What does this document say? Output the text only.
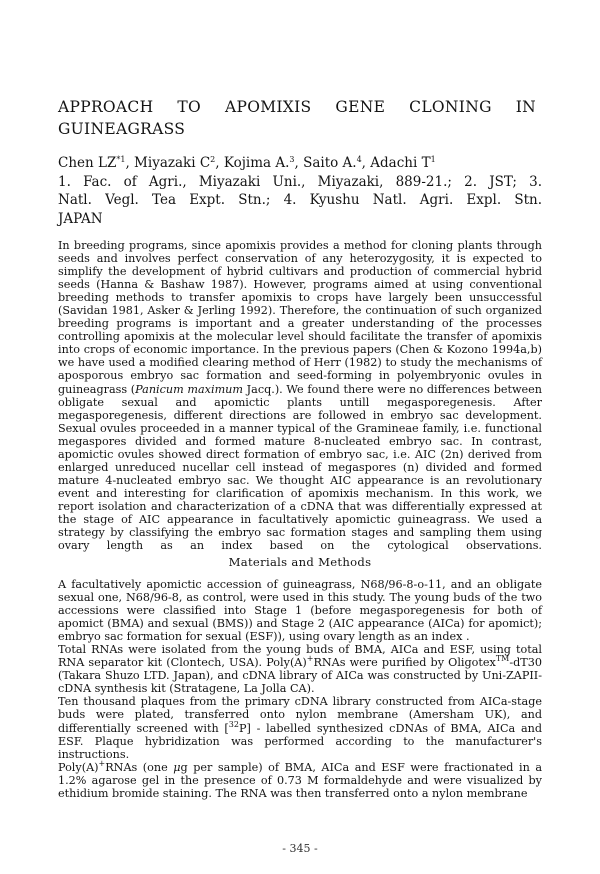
APPROACH TO APOMIXIS GENE CLONING IN
GUINEAGRASS
Chen LZ$^{*1}$, Miyazaki $C^2$, Kojima A.$^3$, Saito A.$^4$, Adachi $T^1$
1. Fac. of Agri., Miyazaki Uni., Miyazaki, 889-21.; 2. JST; 3.
Natl. Vegl. Tea Expt. Stn.; 4. Kyushu Natl. Agri. Expl. Stn.
JAPAN

In breeding programs, since apomixis provides a method for cloning plants through seeds and involves perfect conservation of any heterozygosity, it is expected to simplify the development of hybrid cultivars and production of commercial hybrid seeds (Hanna & Bashaw 1987). However, programs aimed at using conventional breeding methods to transfer apomixis to crops have largely been unsuccessful (Savidan 1981, Asker & Jerling 1992). Therefore, the continuation of such organized breeding programs is important and a greater understanding of the processes controlling apomixis at the molecular level should facilitate the transfer of apomixis into crops of economic importance. In the previous papers (Chen & Kozono 1994a,b) we have used a modified clearing method of Herr (1982) to study the mechanisms of aposporous embryo sac formation and seed-forming in polyembryonic ovules in guineagrass (Panicum maximum Jacq.). We found there were no differences between obligate sexual and apomictic plants untill megasporegenesis. After megasporegenesis, different directions are followed in embryo sac development. Sexual ovules proceeded in a manner typical of the Gramineae family, i.e. functional megaspores divided and formed mature 8-nucleated embryo sac. In contrast, apomictic ovules showed direct formation of embryo sac, i.e. AIC (2n) derived from enlarged unreduced nucellar cell instead of megaspores (n) divided and formed mature 4-nucleated embryo sac. We thought AIC appearance is an revolutionary event and interesting for clarification of apomixis mechanism. In this work, we report isolation and characterization of a cDNA that was differentially expressed at the stage of AIC appearance in facultatively apomictic guineagrass. We used a strategy by classifying the embryo sac formation stages and sampling them using ovary length as an index based on the cytological observations.

Materials and Methods

A facultatively apomictic accession of guineagrass, N68/96-8-o-11, and an obligate sexual one, N68/96-8, as control, were used in this study. The young buds of the two accessions were classified into Stage 1 (before megasporegenesis for both of apomict (BMA) and sexual (BMS)) and Stage 2 (AIC appearance (AICa) for apomict); embryo sac formation for sexual (ESF)), using ovary length as an index .

Total RNAs were isolated from the young buds of BMA, AICa and ESF, using total RNA separator kit (Clontech, USA). Poly(A)+RNAs were purified by Oligotex™-dT30 (Takara Shuzo LTD. Japan), and cDNA library of AICa was constructed by Uni-ZAPII-cDNA synthesis kit (Stratagene, La Jolla CA).

Ten thousand plaques from the primary cDNA library constructed from AICa-stage
buds were plated, transferred onto nylon membrane (Amersham UK), and
differentially screened with [$^{32}$P] - labelled synthesized cDNAs of BMA, AICa and
ESF. Plaque hybridization was performed according to the manufacturer's
instructions.

Poly(A)+RNAs (one μg per sample) of BMA, AICa and ESF were fractionated in a 1.2% agarose gel in the presence of 0.73 M formaldehyde and were visualized by ethidium bromide staining. The RNA was then transferred onto a nylon membrane

- 345 -
